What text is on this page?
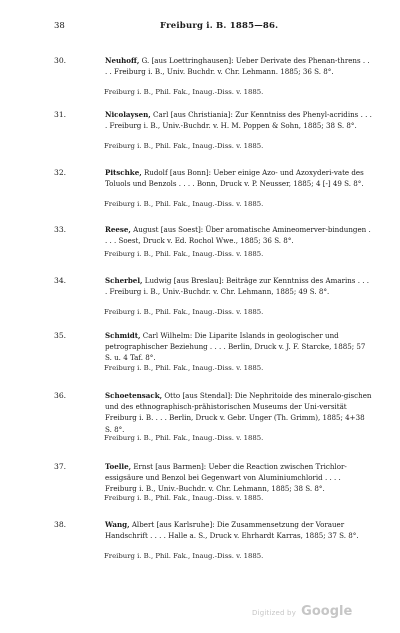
38	Freiburg i. B. 1885—86.
30.	Neuhoff, G. [aus Loettringhausen]: Ueber Derivate des Phenan-threns . . . . Freiburg i. B., Univ. Buchdr. v. Chr. Lehmann. 1885; 36 S. 8°.
Freiburg i. B., Phil. Fak., Inaug.-Diss. v. 1885.
31.	Nicolaysen, Carl [aus Christiania]: Zur Kenntniss des Phenyl-acridins . . . . Freiburg i. B., Univ.-Buchdr. v. H. M. Poppen & Sohn, 1885; 38 S. 8°.
Freiburg i. B., Phil. Fak., Inaug.-Diss. v. 1885.
32.	Pitschke, Rudolf [aus Bonn]: Ueber einige Azo- und Azoxyderi-vate des Toluols und Benzols . . . . Bonn, Druck v. P. Neusser, 1885; 4 [-] 49 S. 8°.
Freiburg i. B., Phil. Fak., Inaug.-Diss. v. 1885.
33.	Reese, August [aus Soest]: Über aromatische Amineomerver-bindungen . . . . Soest, Druck v. Ed. Rochol Wwe., 1885; 36 S. 8°.
Freiburg i. B., Phil. Fak., Inaug.-Diss. v. 1885.
34.	Scherbel, Ludwig [aus Breslau]: Beiträge zur Kenntniss des Amarins . . . . Freiburg i. B., Univ.-Buchdr. v. Chr. Lehmann, 1885; 49 S. 8°.
Freiburg i. B., Phil. Fak., Inaug.-Diss. v. 1885.
35.	Schmidt, Carl Wilhelm: Die Liparite Islands in geologischer und petrographischer Beziehung . . . . Berlin, Druck v. J. F. Starcke, 1885; 57 S. u. 4 Taf. 8°.
Freiburg i. B., Phil. Fak., Inaug.-Diss. v. 1885.
36.	Schoetensack, Otto [aus Stendal]: Die Nephritoide des mineralo-gischen und des ethnographisch-prähistorischen Museums der Uni-versität Freiburg i. B. . . . Berlin, Druck v. Gebr. Unger (Th. Grimm), 1885; 4+38 S. 8°.
Freiburg i. B., Phil. Fak., Inaug.-Diss. v. 1885.
37.	Toelle, Ernst [aus Barmen]: Ueber die Reaction zwischen Trichlor-essigsäure und Benzol bei Gegenwart von Aluminiumchlorid . . . . Freiburg i. B., Univ.-Buchdr. v. Chr. Lehmann, 1885; 38 S. 8°.
Freiburg i. B., Phil. Fak., Inaug.-Diss. v. 1885.
38.	Wang, Albert [aus Karlsruhe]: Die Zusammensetzung der Vorauer Handschrift . . . . Halle a. S., Druck v. Ehrhardt Karras, 1885; 37 S. 8°.
Freiburg i. B., Phil. Fak., Inaug.-Diss. v. 1885.
Digitized by Google
